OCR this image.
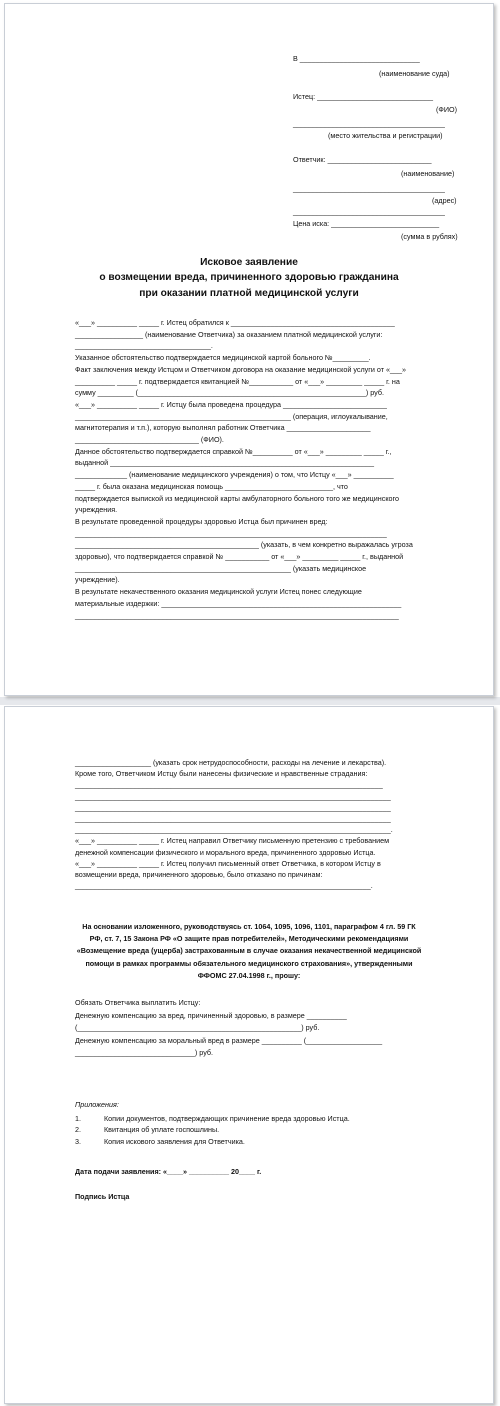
В ______________________________
(наименование суда)
Истец: _____________________________
(ФИО)
______________________________________
(место жительства и регистрации)
Ответчик: __________________________
(наименование)
______________________________________
(адрес)
______________________________________
Цена иска: ___________________________
(сумма в рублях)
Исковое заявление
о возмещении вреда, причиненного здоровью гражданина
при оказании платной медицинской услуги
«___» __________ _____ г. Истец обратился к _________________________________________
_________________ (наименование Ответчика) за оказанием платной медицинской услуги:
__________________________________.
Указанное обстоятельство подтверждается медицинской картой больного №_________.
Факт заключения между Истцом и Ответчиком договора на оказание медицинской услуги от «___»
__________ _____ г. подтверждается квитанцией №___________ от «___» _________ _____ г. на
сумму _________ (_________________________________________________________) руб.
«___» __________ _____ г. Истцу была проведена процедура __________________________
______________________________________________________ (операция, иглоукалывание,
магнитотерапия и т.п.), которую выполнял работник Ответчика _____________________
_______________________________ (ФИО).
Данное обстоятельство подтверждается справкой №__________ от «___» _________ _____ г.,
выданной __________________________________________________________________
_____________ (наименование медицинского учреждения) о том, что Истцу «___» __________
_____ г. была оказана медицинская помощь ___________________________, что
подтверждается выпиской из медицинской карты амбулаторного больного того же медицинского
учреждения.
В результате проведенной процедуры здоровью Истца был причинен вред:
______________________________________________________________________________
______________________________________________ (указать, в чем конкретно выражалась угроза
здоровью), что подтверждается справкой № ___________ от «___» _________ _____ г., выданной
______________________________________________________ (указать медицинское
учреждение).
В результате некачественного оказания медицинской услуги Истец понес следующие
материальные издержки: ____________________________________________________________
_________________________________________________________________________________
___________________ (указать срок нетрудоспособности, расходы на лечение и лекарства).
Кроме того, Ответчиком Истцу были нанесены физические и нравственные страдания:
_____________________________________________________________________________
_______________________________________________________________________________
_______________________________________________________________________________
_______________________________________________________________________________
_______________________________________________________________________________.
«___» __________ _____ г. Истец направил Ответчику письменную претензию с требованием
денежной компенсации физического и морального вреда, причиненного здоровью Истца.
«___» __________ _____ г. Истец получил письменный ответ Ответчика, в котором Истцу в
возмещении вреда, причиненного здоровью, было отказано по причинам:
__________________________________________________________________________.
На основании изложенного, руководствуясь ст. 1064, 1095, 1096, 1101, параграфом 4 гл. 59 ГК
РФ, ст. 7, 15 Закона РФ «О защите прав потребителей», Методическими рекомендациями
«Возмещение вреда (ущерба) застрахованным в случае оказания некачественной медицинской
помощи в рамках программы обязательного медицинского страхования», утвержденными
ФФОМС 27.04.1998 г., прошу:
Обязать Ответчика выплатить Истцу:
Денежную компенсацию за вред, причиненный здоровью, в размере __________
(________________________________________________________) руб.
Денежную компенсацию за моральный вред в размере __________ (___________________
______________________________) руб.
Приложения:
1.	Копии документов, подтверждающих причинение вреда здоровью Истца.
2.	Квитанция об уплате госпошлины.
3.	Копия искового заявления для Ответчика.
Дата подачи заявления: «____» __________ 20____ г.
Подпись Истца
